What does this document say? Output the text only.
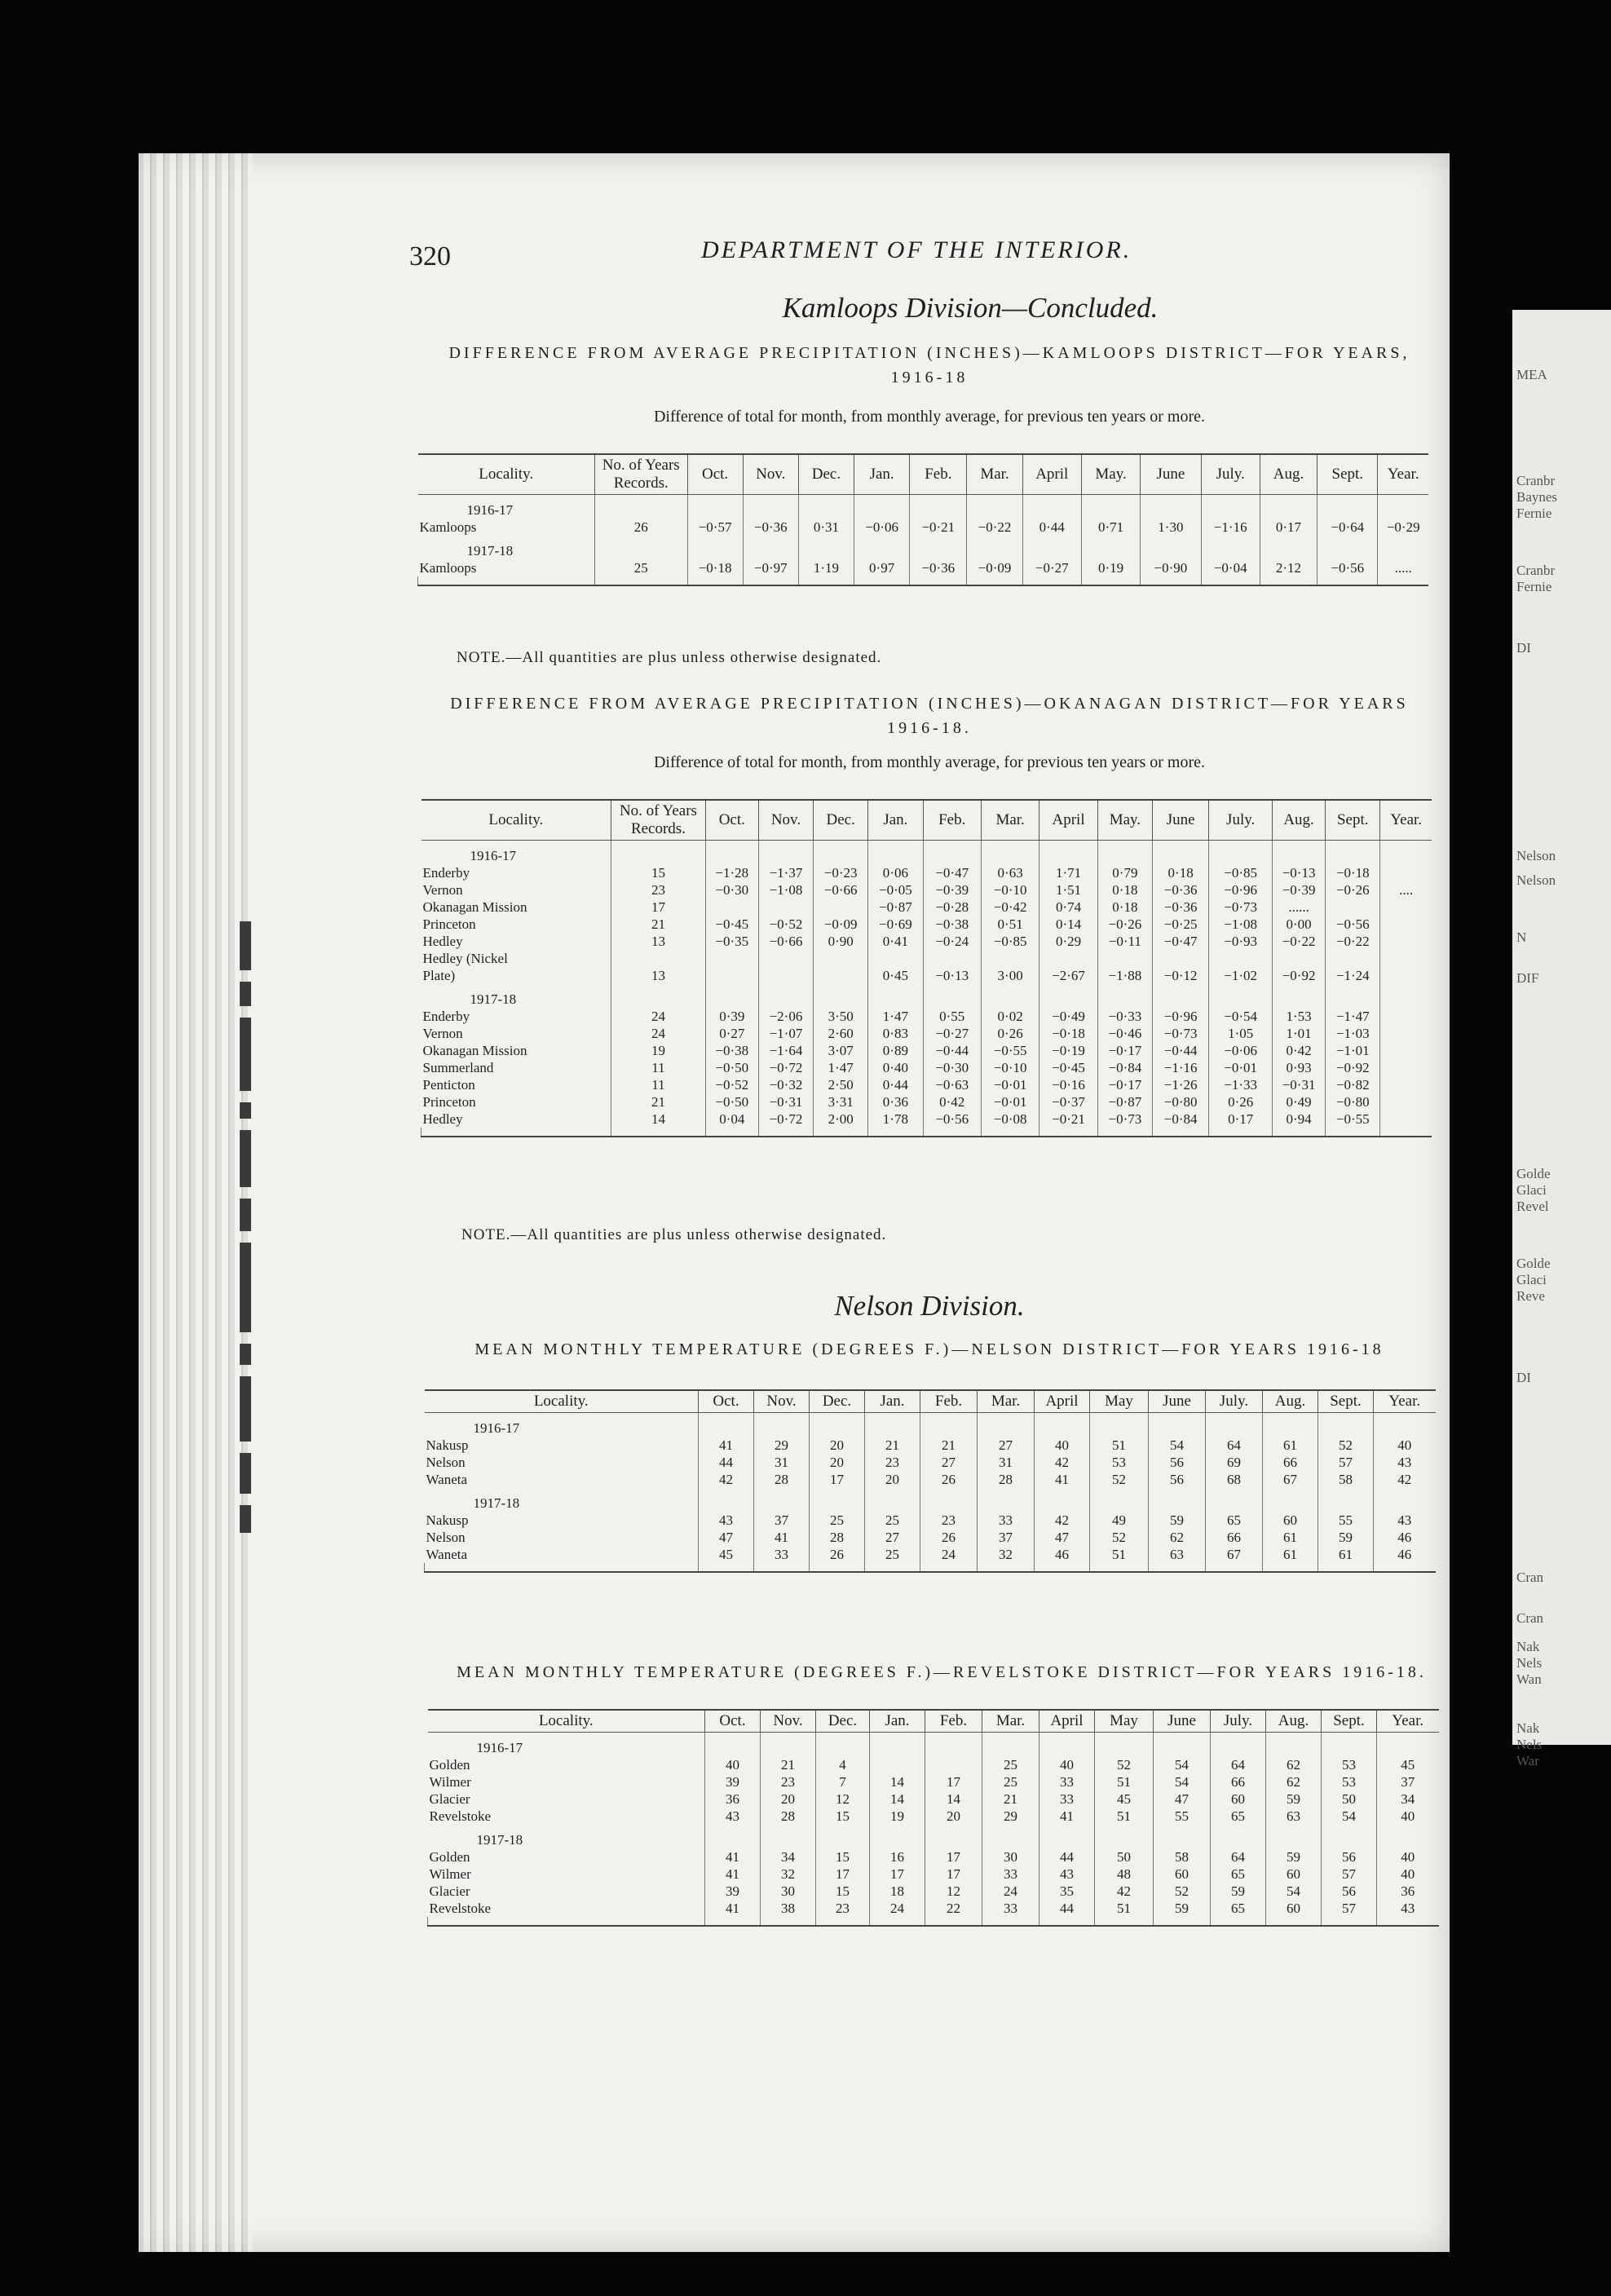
MEA
Cranbr
Baynes
Fernie
Cranbr
Fernie
DI
Nelson
Nelson
N
DIF
Golde
Glaci
Revel
Golde
Glaci
Reve
DI
Cran
Cran
Nak
Nels
Wan
Nak
Nels
War
320	DEPARTMENT OF THE INTERIOR.
Kamloops Division—Concluded.
DIFFERENCE FROM AVERAGE PRECIPITATION (INCHES)—KAMLOOPS DISTRICT—FOR YEARS, 1916-18
Difference of total for month, from monthly average, for previous ten years or more.
Locality.	No. of Years Records.	Oct.	Nov.	Dec.	Jan.	Feb.	Mar.	April	May.	June	July.	Aug.	Sept.	Year.
1916-17														
Kamloops	26	−0·57	−0·36	0·31	−0·06	−0·21	−0·22	0·44	0·71	1·30	−1·16	0·17	−0·64	−0·29
1917-18														
Kamloops	25	−0·18	−0·97	1·19	0·97	−0·36	−0·09	−0·27	0·19	−0·90	−0·04	2·12	−0·56	.....

NOTE.—All quantities are plus unless otherwise designated.
DIFFERENCE FROM AVERAGE PRECIPITATION (INCHES)—OKANAGAN DISTRICT—FOR YEARS 1916-18.
Difference of total for month, from monthly average, for previous ten years or more.
Locality.	No. of Years Records.	Oct.	Nov.	Dec.	Jan.	Feb.	Mar.	April	May.	June	July.	Aug.	Sept.	Year.
1916-17														
Enderby	15	−1·28	−1·37	−0·23	0·06	−0·47	0·63	1·71	0·79	0·18	−0·85	−0·13	−0·18	
Vernon	23	−0·30	−1·08	−0·66	−0·05	−0·39	−0·10	1·51	0·18	−0·36	−0·96	−0·39	−0·26	....
Okanagan Mission	17				−0·87	−0·28	−0·42	0·74	0·18	−0·36	−0·73	......		
Princeton	21	−0·45	−0·52	−0·09	−0·69	−0·38	0·51	0·14	−0·26	−0·25	−1·08	0·00	−0·56	
Hedley	13	−0·35	−0·66	0·90	0·41	−0·24	−0·85	0·29	−0·11	−0·47	−0·93	−0·22	−0·22	
Hedley (Nickel														
Plate)	13				0·45	−0·13	3·00	−2·67	−1·88	−0·12	−1·02	−0·92	−1·24	
1917-18														
Enderby	24	0·39	−2·06	3·50	1·47	0·55	0·02	−0·49	−0·33	−0·96	−0·54	1·53	−1·47	
Vernon	24	0·27	−1·07	2·60	0·83	−0·27	0·26	−0·18	−0·46	−0·73	1·05	1·01	−1·03	
Okanagan Mission	19	−0·38	−1·64	3·07	0·89	−0·44	−0·55	−0·19	−0·17	−0·44	−0·06	0·42	−1·01	
Summerland	11	−0·50	−0·72	1·47	0·40	−0·30	−0·10	−0·45	−0·84	−1·16	−0·01	0·93	−0·92	
Penticton	11	−0·52	−0·32	2·50	0·44	−0·63	−0·01	−0·16	−0·17	−1·26	−1·33	−0·31	−0·82	
Princeton	21	−0·50	−0·31	3·31	0·36	0·42	−0·01	−0·37	−0·87	−0·80	0·26	0·49	−0·80	
Hedley	14	0·04	−0·72	2·00	1·78	−0·56	−0·08	−0·21	−0·73	−0·84	0·17	0·94	−0·55	

NOTE.—All quantities are plus unless otherwise designated.
Nelson Division.
MEAN MONTHLY TEMPERATURE (DEGREES F.)—NELSON DISTRICT—FOR YEARS 1916-18
Locality.	Oct.	Nov.	Dec.	Jan.	Feb.	Mar.	April	May	June	July.	Aug.	Sept.	Year.
1916-17													
Nakusp	41	29	20	21	21	27	40	51	54	64	61	52	40
Nelson	44	31	20	23	27	31	42	53	56	69	66	57	43
Waneta	42	28	17	20	26	28	41	52	56	68	67	58	42
1917-18													
Nakusp	43	37	25	25	23	33	42	49	59	65	60	55	43
Nelson	47	41	28	27	26	37	47	52	62	66	61	59	46
Waneta	45	33	26	25	24	32	46	51	63	67	61	61	46

MEAN MONTHLY TEMPERATURE (DEGREES F.)—REVELSTOKE DISTRICT—FOR YEARS 1916-18.
Locality.	Oct.	Nov.	Dec.	Jan.	Feb.	Mar.	April	May	June	July.	Aug.	Sept.	Year.
1916-17													
Golden	40	21	4			25	40	52	54	64	62	53	45
Wilmer	39	23	7	14	17	25	33	51	54	66	62	53	37
Glacier	36	20	12	14	14	21	33	45	47	60	59	50	34
Revelstoke	43	28	15	19	20	29	41	51	55	65	63	54	40
1917-18													
Golden	41	34	15	16	17	30	44	50	58	64	59	56	40
Wilmer	41	32	17	17	17	33	43	48	60	65	60	57	40
Glacier	39	30	15	18	12	24	35	42	52	59	54	56	36
Revelstoke	41	38	23	24	22	33	44	51	59	65	60	57	43
